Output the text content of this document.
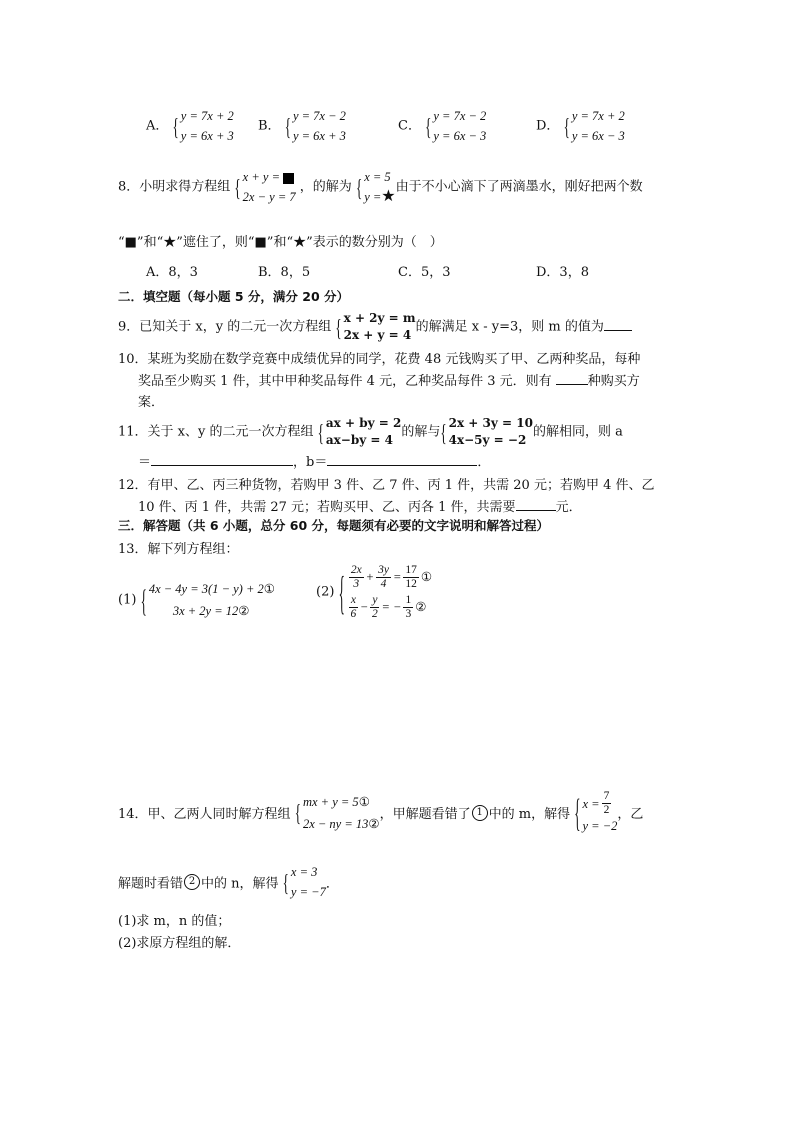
A． { y = 7x + 2
y = 6x + 3
B． { y = 7x − 2
y = 6x + 3
C． { y = 7x − 2
y = 6x − 3
D． { y = 7x + 2
y = 6x − 3
8．小明求得方程组 { x + y =
2x − y = 7
，的解为 { x = 5
y =★
由于不小心滴下了两滴墨水，刚好把两个数
“■”和“★”遮住了，则“■”和“★”表示的数分别为（　）
A．8，3	B．8，5	C．5，3	D．3，8
二．填空题（每小题 5 分，满分 20 分）
9．已知关于 x，y 的二元一次方程组 { x + 2y = m
2x + y = 4
的解满足 x - y=3，则 m 的值为
10．某班为奖励在数学竞赛中成绩优异的同学，花费 48 元钱购买了甲、乙两种奖品，每种
奖品至少购买 1 件，其中甲种奖品每件 4 元，乙种奖品每件 3 元．则有	种购买方
案．
11．关于 x、y 的二元一次方程组 { ax + by = 2
ax−by = 4
的解与 { 2x + 3y = 10
4x−5y = −2
的解相同，则 a
＝	，b＝	．
12．有甲、乙、丙三种货物，若购甲 3 件、乙 7 件、丙 1 件，共需 20 元；若购甲 4 件、乙
10 件、丙 1 件，共需 27 元；若购买甲、乙、丙各 1 件，共需要	元．
三．解答题（共 6 小题，总分 60 分，每题须有必要的文字说明和解答过程）
13．解下列方程组：
(1) { 4x − 4y = 3(1 − y) + 2①
3x + 2y = 12②
(2) { $\frac{2x}{3} + \frac{3y}{4} = \frac{17}{12}$ ①
$\frac{x}{6} - \frac{y}{2}$ = − $\frac{1}{3}$ ②
14．甲、乙两人同时解方程组 { mx + y = 5①
2x − ny = 13②
，甲解题看错了 1 中的 m，解得 { $x = \frac{7}{2}$
y = −2
，乙
解题时看错 2 中的 n，解得 { x = 3
y = −7
．
(1)求 m，n 的值；
(2)求原方程组的解．
